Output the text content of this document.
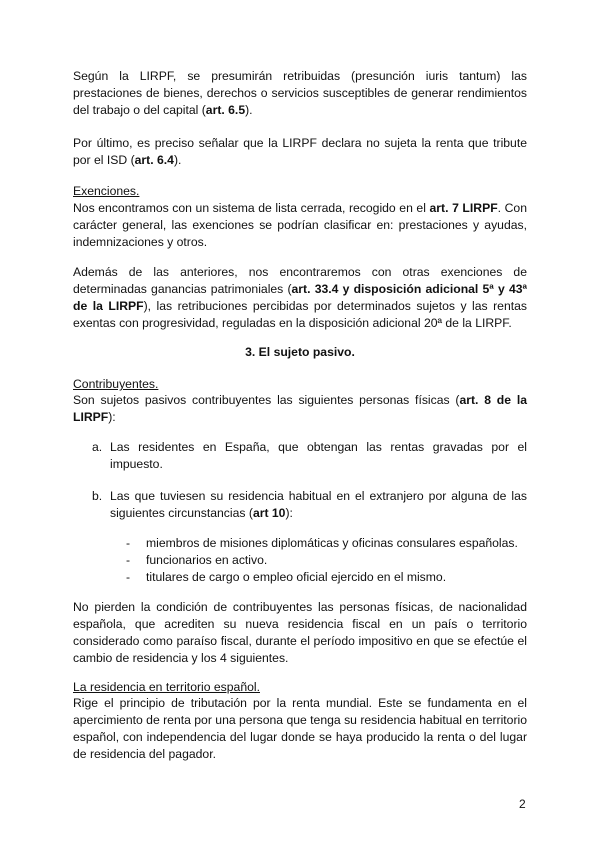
Según la LIRPF, se presumirán retribuidas (presunción iuris tantum) las prestaciones de bienes, derechos o servicios susceptibles de generar rendimientos del trabajo o del capital (art. 6.5).

Por último, es preciso señalar que la LIRPF declara no sujeta la renta que tribute por el ISD (art. 6.4).

Exenciones.

Nos encontramos con un sistema de lista cerrada, recogido en el art. 7 LIRPF. Con carácter general, las exenciones se podrían clasificar en: prestaciones y ayudas, indemnizaciones y otros.

Además de las anteriores, nos encontraremos con otras exenciones de determinadas ganancias patrimoniales (art. 33.4 y disposición adicional 5ª y 43ª de la LIRPF), las retribuciones percibidas por determinados sujetos y las rentas exentas con progresividad, reguladas en la disposición adicional 20ª de la LIRPF.

3. El sujeto pasivo.

Contribuyentes.

Son sujetos pasivos contribuyentes las siguientes personas físicas (art. 8 de la LIRPF):

a. Las residentes en España, que obtengan las rentas gravadas por el impuesto.
b. Las que tuviesen su residencia habitual en el extranjero por alguna de las siguientes circunstancias (art 10):
- miembros de misiones diplomáticas y oficinas consulares españolas.
- funcionarios en activo.
- titulares de cargo o empleo oficial ejercido en el mismo.

No pierden la condición de contribuyentes las personas físicas, de nacionalidad española, que acrediten su nueva residencia fiscal en un país o territorio considerado como paraíso fiscal, durante el período impositivo en que se efectúe el cambio de residencia y los 4 siguientes.

La residencia en territorio español.

Rige el principio de tributación por la renta mundial. Este se fundamenta en el apercimiento de renta por una persona que tenga su residencia habitual en territorio español, con independencia del lugar donde se haya producido la renta o del lugar de residencia del pagador.

2
